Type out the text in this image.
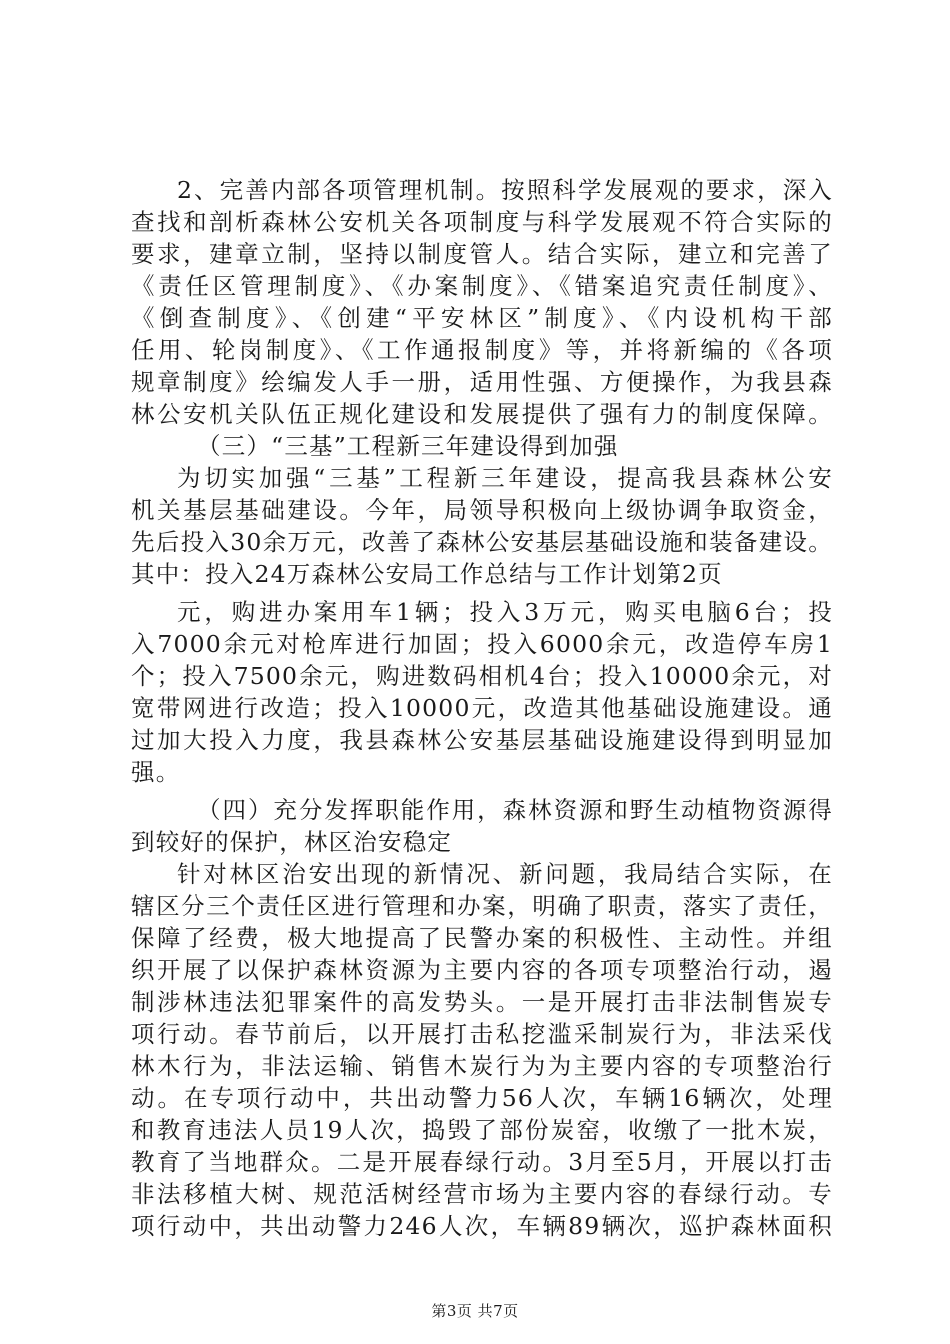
2、完善内部各项管理机制。按照科学发展观的要求，深入
查找和剖析森林公安机关各项制度与科学发展观不符合实际的
要求，建章立制，坚持以制度管人。结合实际，建立和完善了
《责任区管理制度》、《办案制度》、《错案追究责任制度》、
《倒查制度》、《创建“平安林区”制度》、《内设机构干部
任用、轮岗制度》、《工作通报制度》等，并将新编的《各项
规章制度》绘编发人手一册，适用性强、方便操作，为我县森
林公安机关队伍正规化建设和发展提供了强有力的制度保障。
（三）“三基”工程新三年建设得到加强
为切实加强“三基”工程新三年建设，提高我县森林公安
机关基层基础建设。今年，局领导积极向上级协调争取资金，
先后投入30余万元，改善了森林公安基层基础设施和装备建设。
其中：投入24万森林公安局工作总结与工作计划第2页
元，购进办案用车1辆；投入3万元，购买电脑6台；投
入7000余元对枪库进行加固；投入6000余元，改造停车房1
个；投入7500余元，购进数码相机4台；投入10000余元，对
宽带网进行改造；投入10000元，改造其他基础设施建设。通
过加大投入力度，我县森林公安基层基础设施建设得到明显加
强。
（四）充分发挥职能作用，森林资源和野生动植物资源得
到较好的保护，林区治安稳定
针对林区治安出现的新情况、新问题，我局结合实际，在
辖区分三个责任区进行管理和办案，明确了职责，落实了责任，
保障了经费，极大地提高了民警办案的积极性、主动性。并组
织开展了以保护森林资源为主要内容的各项专项整治行动，遏
制涉林违法犯罪案件的高发势头。一是开展打击非法制售炭专
项行动。春节前后，以开展打击私挖滥采制炭行为，非法采伐
林木行为，非法运输、销售木炭行为为主要内容的专项整治行
动。在专项行动中，共出动警力56人次，车辆16辆次，处理
和教育违法人员19人次，捣毁了部份炭窑，收缴了一批木炭，
教育了当地群众。二是开展春绿行动。3月至5月，开展以打击
非法移植大树、规范活树经营市场为主要内容的春绿行动。专
项行动中，共出动警力246人次，车辆89辆次，巡护森林面积
第3页 共7页
